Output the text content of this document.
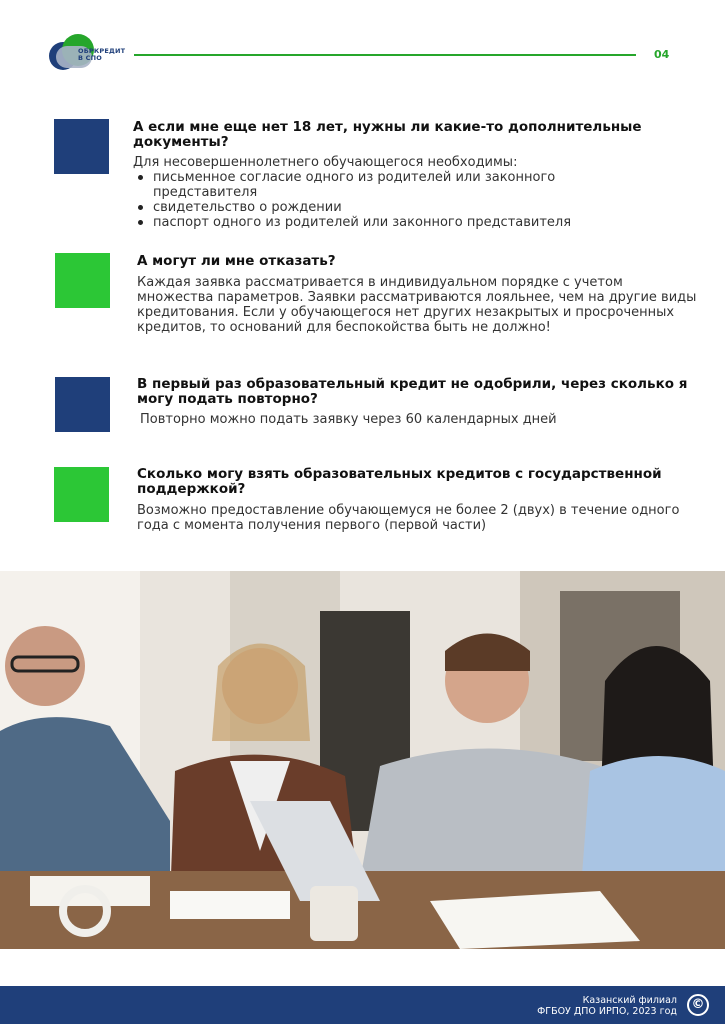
ОБРКРЕДИТ
В СПО	04
А если мне еще нет 18 лет, нужны ли какие-то дополнительные документы?
Для несовершеннолетнего обучающегося необходимы:
письменное согласие одного из родителей или законного представителя
свидетельство о рождении
паспорт одного из родителей или законного представителя
А могут ли мне отказать?
Каждая заявка рассматривается в индивидуальном порядке с учетом множества параметров. Заявки рассматриваются лояльнее, чем на другие виды кредитования. Если у обучающегося нет других незакрытых и просроченных кредитов, то оснований для беспокойства быть не должно!
В первый раз образовательный кредит не одобрили, через сколько я могу подать повторно?
Повторно можно подать заявку через 60 календарных дней
Сколько могу взять образовательных кредитов с государственной поддержкой?
Возможно предоставление обучающемуся не более 2 (двух) в течение одного года с момента получения первого (первой части)
Казанский филиал
ФГБОУ ДПО ИРПО, 2023 год	©
